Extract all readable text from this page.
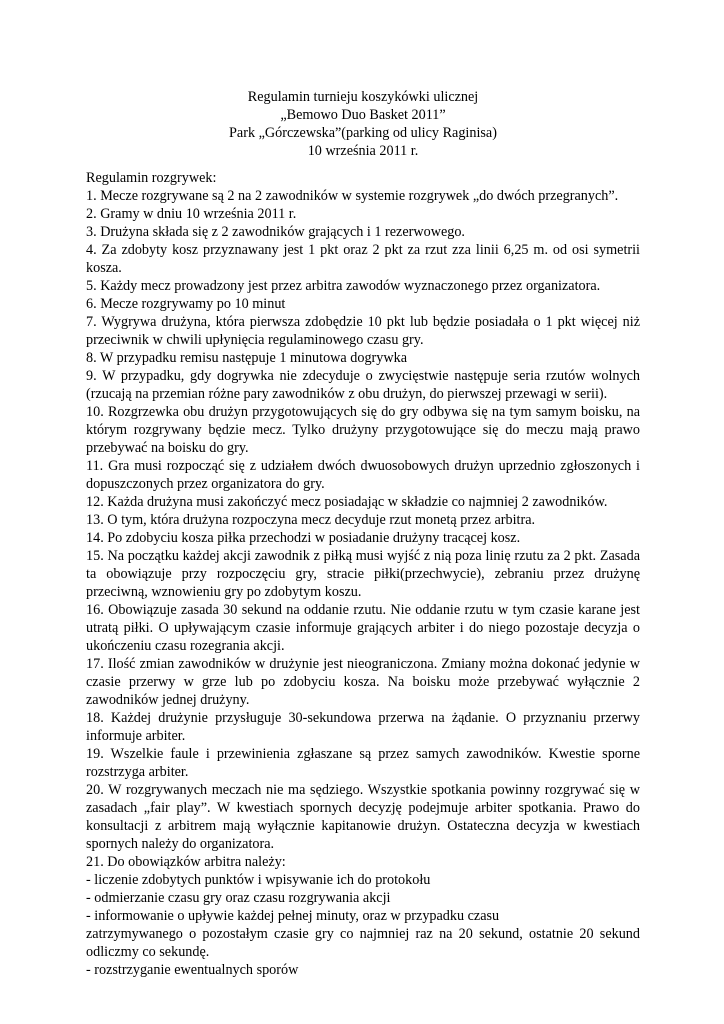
Regulamin turnieju koszykówki ulicznej
„Bemowo Duo Basket 2011”
Park „Górczewska”(parking od ulicy Raginisa)
10 września 2011 r.
Regulamin rozgrywek:
1. Mecze rozgrywane są 2 na 2 zawodników w systemie rozgrywek „do dwóch przegranych”.
2. Gramy w dniu 10 września 2011 r.
3. Drużyna składa się z 2 zawodników grających i 1 rezerwowego.
4. Za zdobyty kosz przyznawany jest 1 pkt oraz 2 pkt za rzut zza linii 6,25 m. od osi symetrii kosza.
5. Każdy mecz prowadzony jest przez arbitra zawodów wyznaczonego przez organizatora.
6. Mecze rozgrywamy po 10 minut
7. Wygrywa drużyna, która pierwsza zdobędzie 10 pkt lub będzie posiadała o 1 pkt więcej niż przeciwnik w chwili upłynięcia regulaminowego czasu gry.
8. W przypadku remisu następuje 1 minutowa dogrywka
9. W przypadku, gdy dogrywka nie zdecyduje o zwycięstwie następuje seria rzutów wolnych (rzucają na przemian różne pary zawodników z obu drużyn, do pierwszej przewagi w serii).
10. Rozgrzewka obu drużyn przygotowujących się do gry odbywa się na tym samym boisku, na którym rozgrywany będzie mecz. Tylko drużyny przygotowujące się do meczu mają prawo przebywać na boisku do gry.
11. Gra musi rozpocząć się z udziałem dwóch dwuosobowych drużyn uprzednio zgłoszonych i dopuszczonych przez organizatora do gry.
12. Każda drużyna musi zakończyć mecz posiadając w składzie co najmniej 2 zawodników.
13. O tym, która drużyna rozpoczyna mecz decyduje rzut monetą przez arbitra.
14. Po zdobyciu kosza piłka przechodzi w posiadanie drużyny tracącej kosz.
15. Na początku każdej akcji zawodnik z piłką musi wyjść z nią poza linię rzutu za 2 pkt. Zasada ta obowiązuje przy rozpoczęciu gry, stracie piłki(przechwycie), zebraniu przez drużynę przeciwną, wznowieniu gry po zdobytym koszu.
16. Obowiązuje zasada 30 sekund na oddanie rzutu. Nie oddanie rzutu w tym czasie karane jest utratą piłki. O upływającym czasie informuje grających arbiter i do niego pozostaje decyzja o ukończeniu czasu rozegrania akcji.
17. Ilość zmian zawodników w drużynie jest nieograniczona. Zmiany można dokonać jedynie w czasie przerwy w grze lub po zdobyciu kosza. Na boisku może przebywać wyłącznie 2 zawodników jednej drużyny.
18. Każdej drużynie przysługuje 30-sekundowa przerwa na żądanie. O przyznaniu przerwy informuje arbiter.
19. Wszelkie faule i przewinienia zgłaszane są przez samych zawodników. Kwestie sporne rozstrzyga arbiter.
20. W rozgrywanych meczach nie ma sędziego. Wszystkie spotkania powinny rozgrywać się w zasadach „fair play”. W kwestiach spornych decyzję podejmuje arbiter spotkania. Prawo do konsultacji z arbitrem mają wyłącznie kapitanowie drużyn. Ostateczna decyzja w kwestiach spornych należy do organizatora.
21. Do obowiązków arbitra należy:
- liczenie zdobytych punktów i wpisywanie ich do protokołu
- odmierzanie czasu gry oraz czasu rozgrywania akcji
- informowanie o upływie każdej pełnej minuty, oraz w przypadku czasu
zatrzymywanego o pozostałym czasie gry co najmniej raz na 20 sekund, ostatnie 20 sekund odliczmy co sekundę.
- rozstrzyganie ewentualnych sporów
